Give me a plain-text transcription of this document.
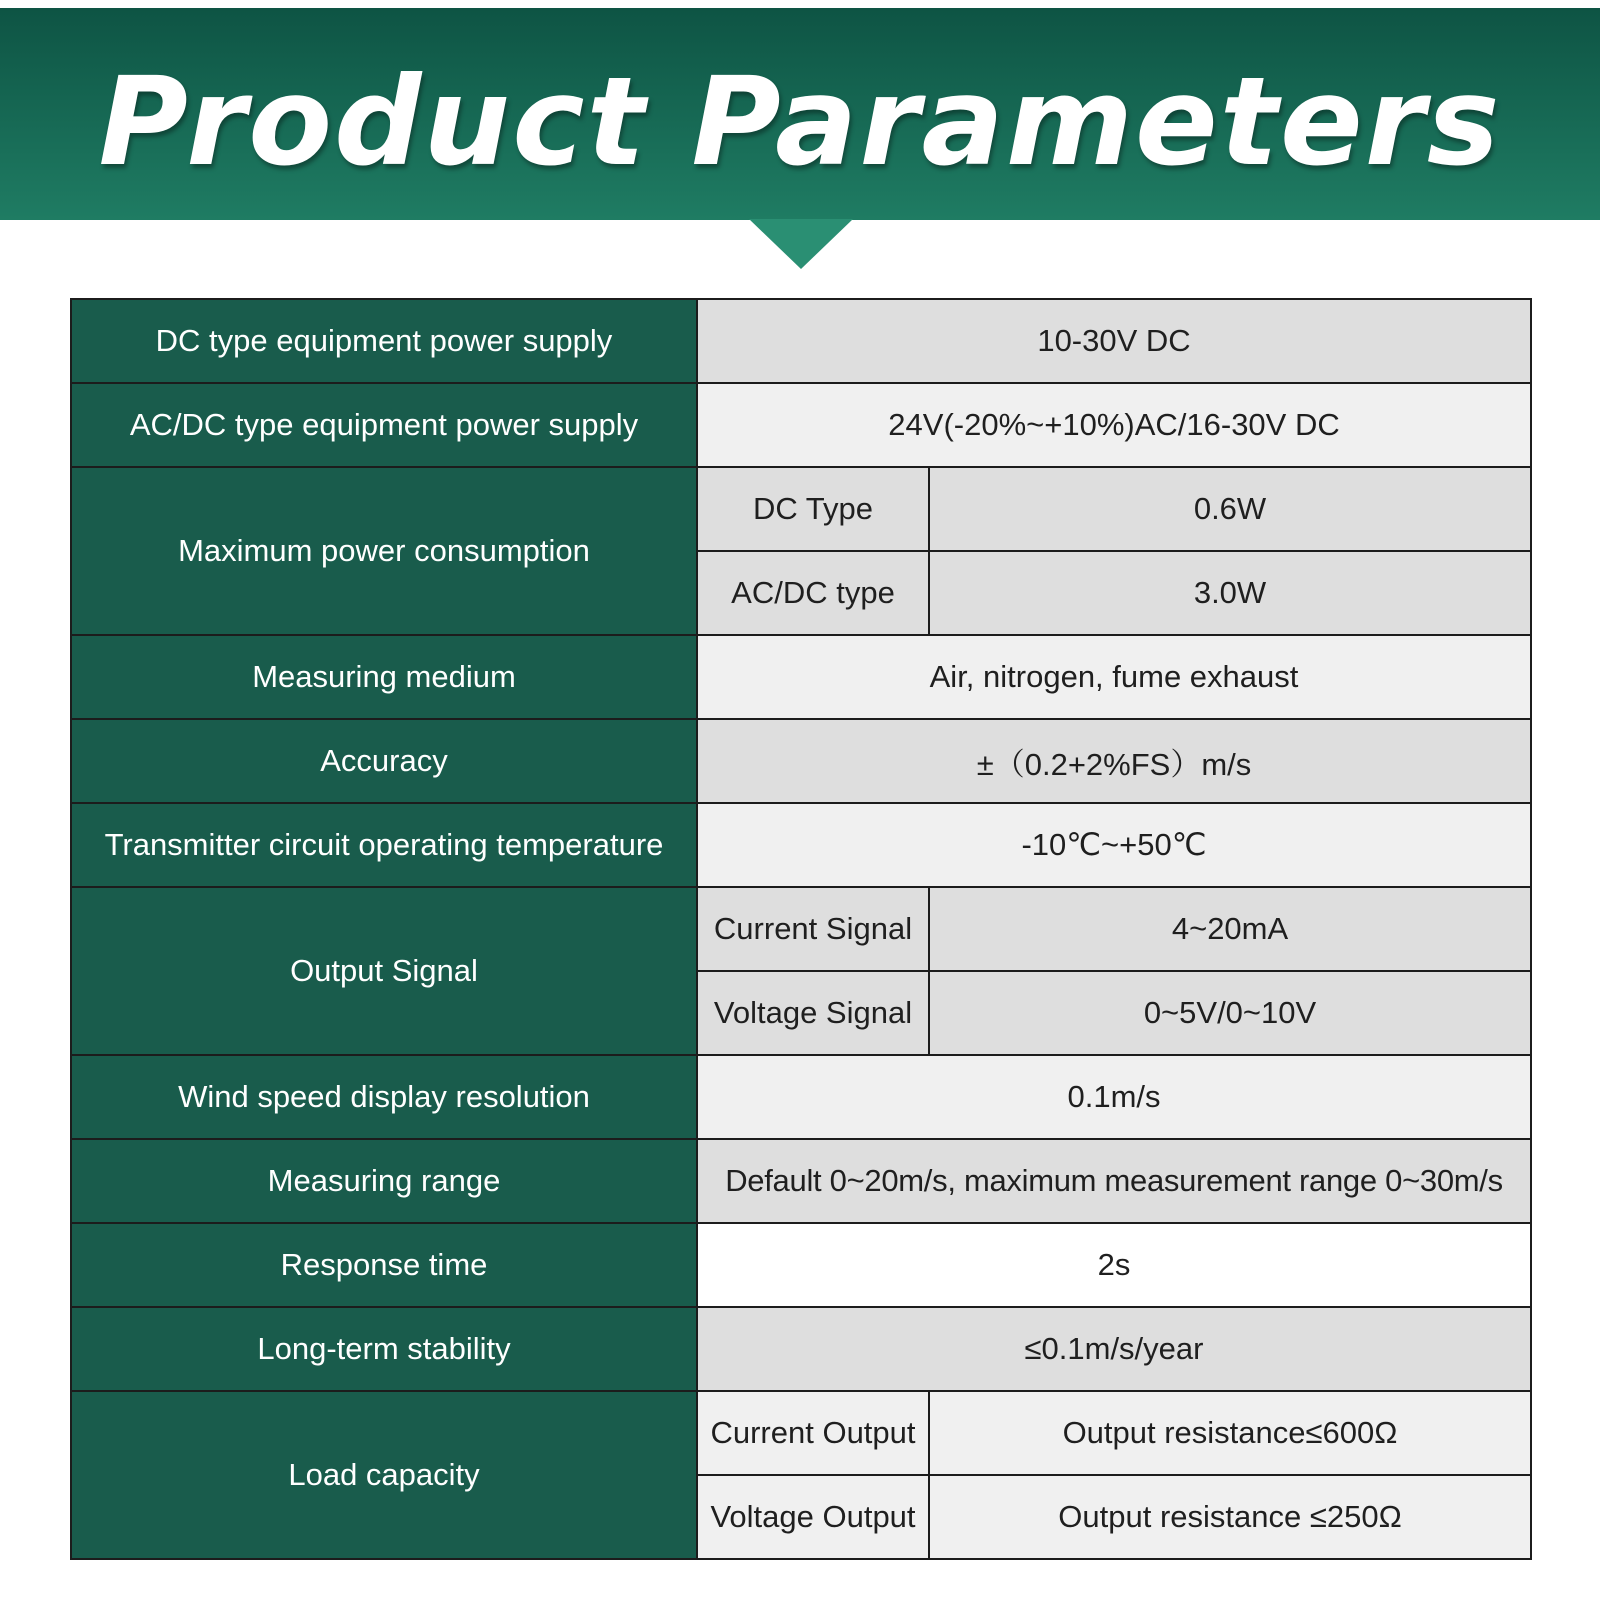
Product Parameters
DC type equipment power supply	10-30V DC	
AC/DC type equipment power supply	24V(-20%~+10%)AC/16-30V DC	
Maximum power consumption	DC Type	0.6W
	AC/DC type	3.0W
Measuring medium	Air, nitrogen, fume exhaust	
Accuracy	±（0.2+2%FS）m/s	
Transmitter circuit operating temperature	-10℃~+50℃	
Output Signal	Current Signal	4~20mA
	Voltage Signal	0~5V/0~10V
Wind speed display resolution	0.1m/s	
Measuring range	Default 0~20m/s, maximum measurement range 0~30m/s	
Response time	2s	
Long-term stability	≤0.1m/s/year	
Load capacity	Current Output	Output resistance≤600Ω
	Voltage Output	Output resistance ≤250Ω
